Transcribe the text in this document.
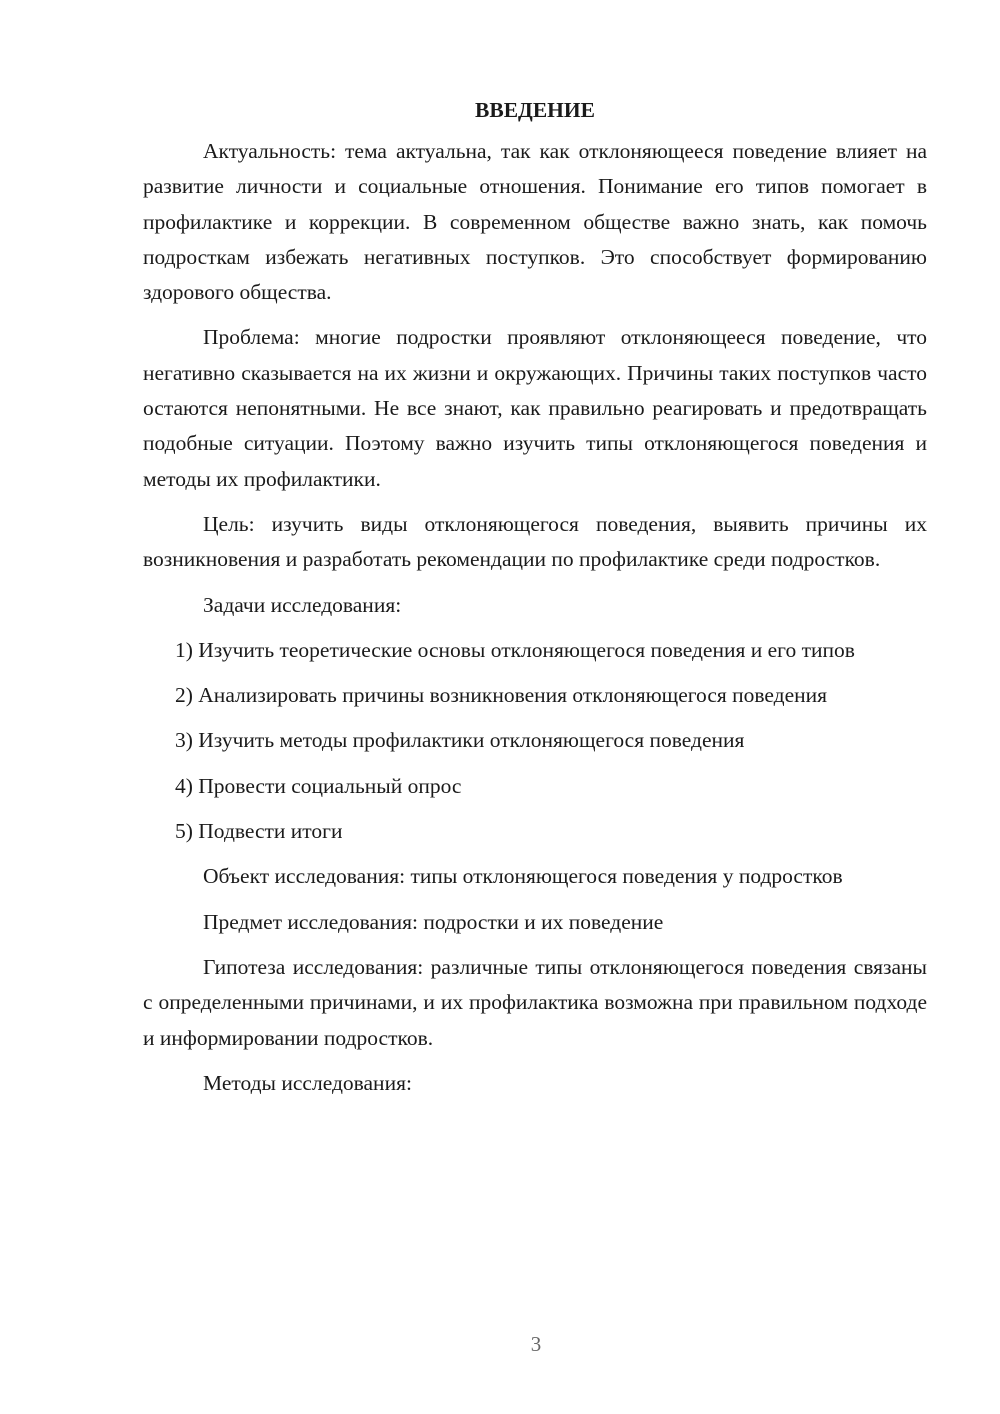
ВВЕДЕНИЕ

Актуальность: тема актуальна, так как отклоняющееся поведение влияет на развитие личности и социальные отношения. Понимание его типов помогает в профилактике и коррекции. В современном обществе важно знать, как помочь подросткам избежать негативных поступков. Это способствует формированию здорового общества.

Проблема: многие подростки проявляют отклоняющееся поведение, что негативно сказывается на их жизни и окружающих. Причины таких поступков часто остаются непонятными. Не все знают, как правильно реагировать и предотвращать подобные ситуации. Поэтому важно изучить типы отклоняющегося поведения и методы их профилактики.

Цель: изучить виды отклоняющегося поведения, выявить причины их возникновения и разработать рекомендации по профилактике среди подростков.

Задачи исследования:

1) Изучить теоретические основы отклоняющегося поведения и его типов

2) Анализировать причины возникновения отклоняющегося поведения

3) Изучить методы профилактики отклоняющегося поведения

4) Провести социальный опрос

5) Подвести итоги

Объект исследования: типы отклоняющегося поведения у подростков

Предмет исследования: подростки и их поведение

Гипотеза исследования: различные типы отклоняющегося поведения связаны с определенными причинами, и их профилактика возможна при правильном подходе и информировании подростков.

Методы исследования:

3
